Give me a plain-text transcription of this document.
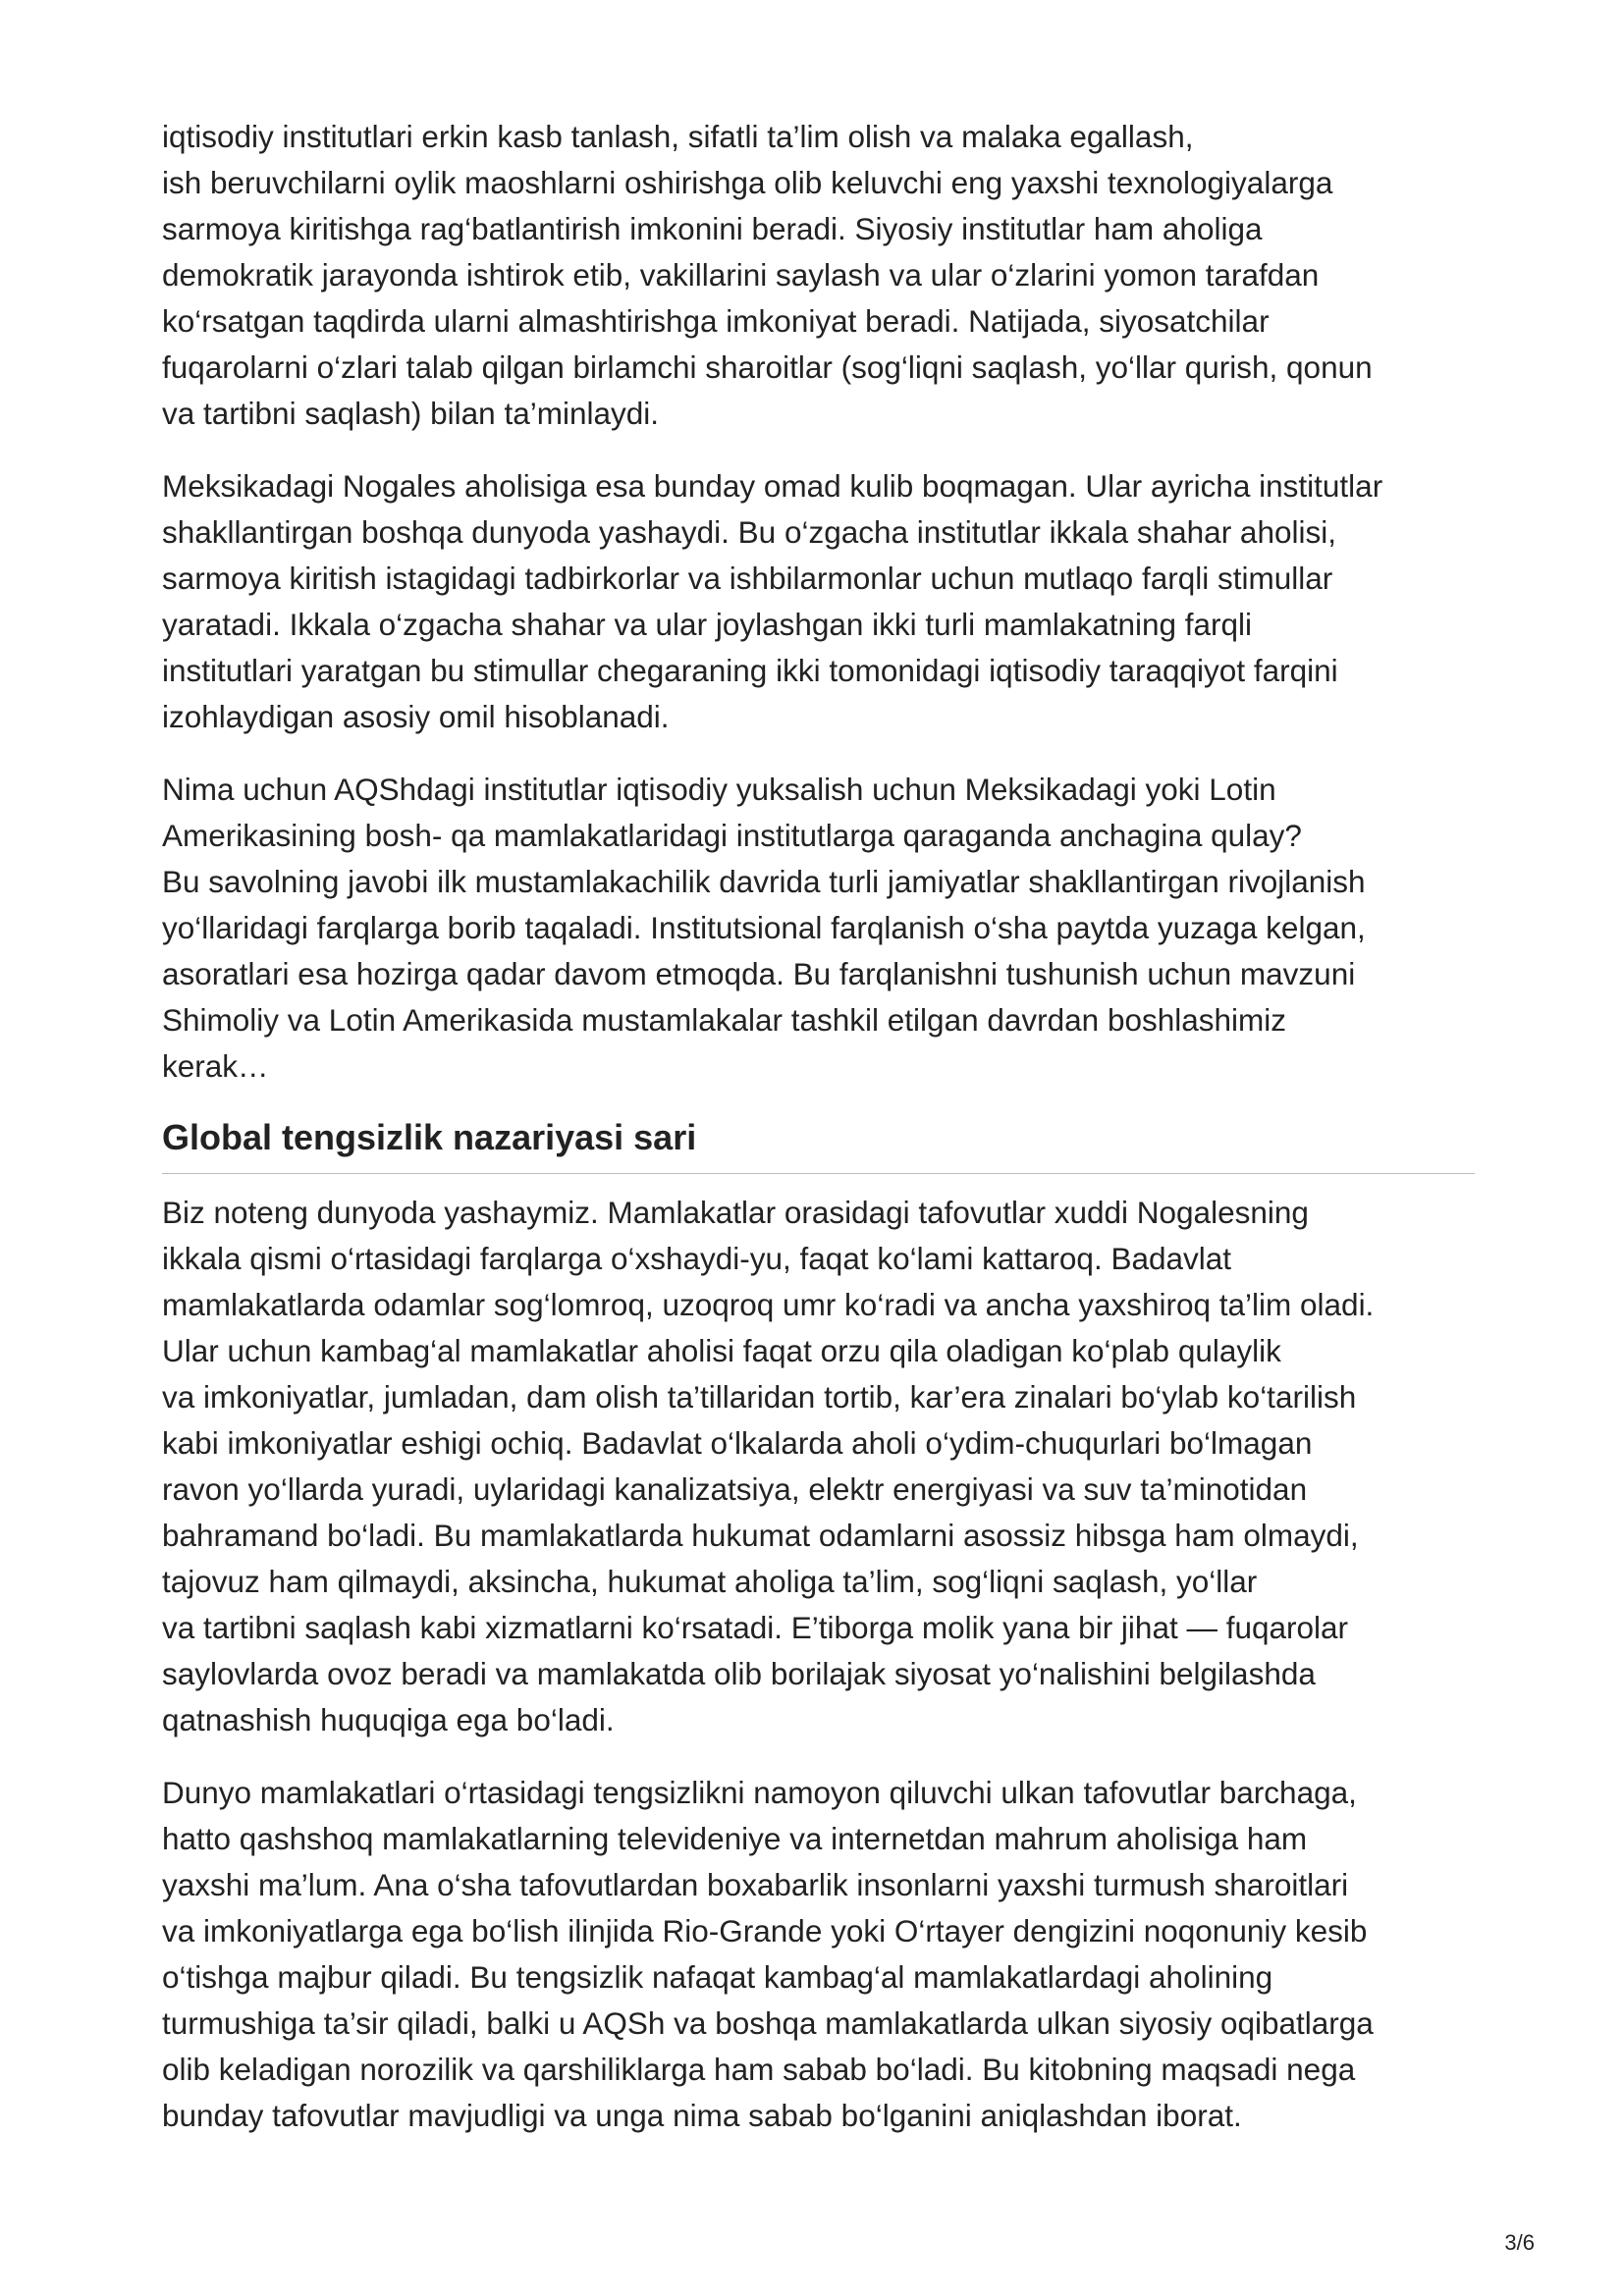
iqtisodiy institutlari erkin kasb tanlash, sifatli ta’lim olish va malaka egallash,
ish beruvchilarni oylik maoshlarni oshirishga olib keluvchi eng yaxshi texnologiyalarga
sarmoya kiritishga rag‘batlantirish imkonini beradi. Siyosiy institutlar ham aholiga
demokratik jarayonda ishtirok etib, vakillarini saylash va ular o‘zlarini yomon tarafdan
ko‘rsatgan taqdirda ularni almashtirishga imkoniyat beradi. Natijada, siyosatchilar
fuqarolarni o‘zlari talab qilgan birlamchi sharoitlar (sog‘liqni saqlash, yo‘llar qurish, qonun
va tartibni saqlash) bilan ta’minlaydi.
Meksikadagi Nogales aholisiga esa bunday omad kulib boqmagan. Ular ayricha institutlar
shakllantirgan boshqa dunyoda yashaydi. Bu o‘zgacha institutlar ikkala shahar aholisi,
sarmoya kiritish istagidagi tadbirkorlar va ishbilarmonlar uchun mutlaqo farqli stimullar
yaratadi. Ikkala o‘zgacha shahar va ular joylashgan ikki turli mamlakatning farqli
institutlari yaratgan bu stimullar chegaraning ikki tomonidagi iqtisodiy taraqqiyot farqini
izohlaydigan asosiy omil hisoblanadi.
Nima uchun AQShdagi institutlar iqtisodiy yuksalish uchun Meksikadagi yoki Lotin
Amerikasining bosh- qa mamlakatlaridagi institutlarga qaraganda anchagina qulay?
Bu savolning javobi ilk mustamlakachilik davrida turli jamiyatlar shakllantirgan rivojlanish
yo‘llaridagi farqlarga borib taqaladi. Institutsional farqlanish o‘sha paytda yuzaga kelgan,
asoratlari esa hozirga qadar davom etmoqda. Bu farqlanishni tushunish uchun mavzuni
Shimoliy va Lotin Amerikasida mustamlakalar tashkil etilgan davrdan boshlashimiz
kerak…
Global tengsizlik nazariyasi sari
Biz noteng dunyoda yashaymiz. Mamlakatlar orasidagi tafovutlar xuddi Nogalesning
ikkala qismi o‘rtasidagi farqlarga o‘xshaydi-yu, faqat ko‘lami kattaroq. Badavlat
mamlakatlarda odamlar sog‘lomroq, uzoqroq umr ko‘radi va ancha yaxshiroq ta’lim oladi.
Ular uchun kambag‘al mamlakatlar aholisi faqat orzu qila oladigan ko‘plab qulaylik
va imkoniyatlar, jumladan, dam olish ta’tillaridan tortib, kar’era zinalari bo‘ylab ko‘tarilish
kabi imkoniyatlar eshigi ochiq. Badavlat o‘lkalarda aholi o‘ydim-chuqurlari bo‘lmagan
ravon yo‘llarda yuradi, uylaridagi kanalizatsiya, elektr energiyasi va suv ta’minotidan
bahramand bo‘ladi. Bu mamlakatlarda hukumat odamlarni asossiz hibsga ham olmaydi,
tajovuz ham qilmaydi, aksincha, hukumat aholiga ta’lim, sog‘liqni saqlash, yo‘llar
va tartibni saqlash kabi xizmatlarni ko‘rsatadi. E’tiborga molik yana bir jihat — fuqarolar
saylovlarda ovoz beradi va mamlakatda olib borilajak siyosat yo‘nalishini belgilashda
qatnashish huquqiga ega bo‘ladi.
Dunyo mamlakatlari o‘rtasidagi tengsizlikni namoyon qiluvchi ulkan tafovutlar barchaga,
hatto qashshoq mamlakatlarning televideniye va internetdan mahrum aholisiga ham
yaxshi ma’lum. Ana o‘sha tafovutlardan boxabarlik insonlarni yaxshi turmush sharoitlari
va imkoniyatlarga ega bo‘lish ilinjida Rio-Grande yoki O‘rtayer dengizini noqonuniy kesib
o‘tishga majbur qiladi. Bu tengsizlik nafaqat kambag‘al mamlakatlardagi aholining
turmushiga ta’sir qiladi, balki u AQSh va boshqa mamlakatlarda ulkan siyosiy oqibatlarga
olib keladigan norozilik va qarshiliklarga ham sabab bo‘ladi. Bu kitobning maqsadi nega
bunday tafovutlar mavjudligi va unga nima sabab bo‘lganini aniqlashdan iborat.
3/6
